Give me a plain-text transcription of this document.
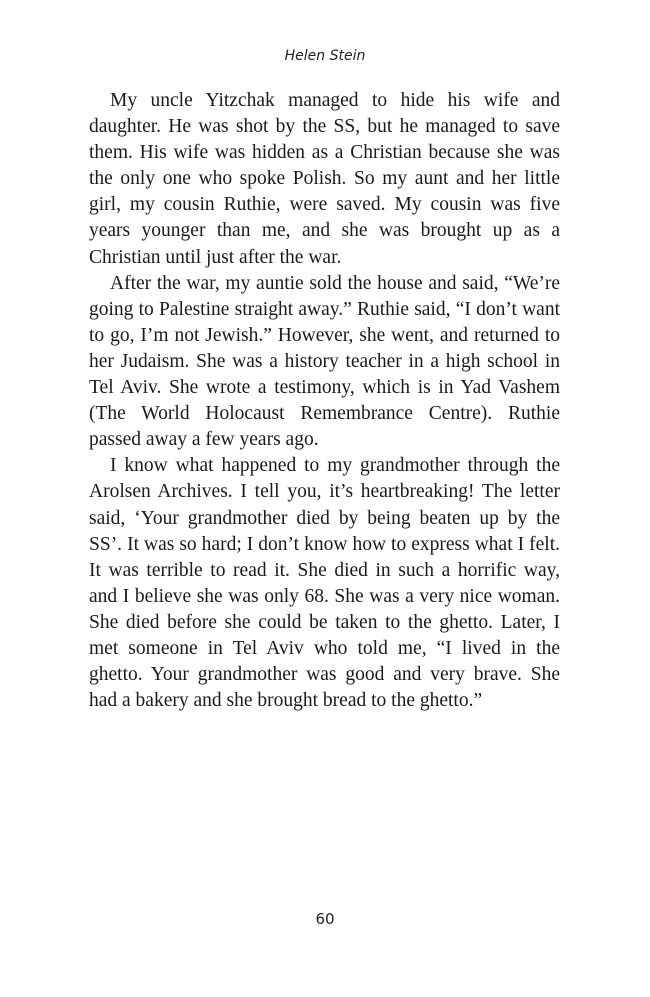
Helen Stein

My uncle Yitzchak managed to hide his wife and daughter. He was shot by the SS, but he managed to save them. His wife was hidden as a Christian because she was the only one who spoke Polish. So my aunt and her little girl, my cousin Ruthie, were saved. My cousin was five years younger than me, and she was brought up as a Christian until just after the war.

After the war, my auntie sold the house and said, “We’re going to Palestine straight away.” Ruthie said, “I don’t want to go, I’m not Jewish.” However, she went, and returned to her Judaism. She was a history teacher in a high school in Tel Aviv. She wrote a testimony, which is in Yad Vashem (The World Holocaust Remembrance Centre). Ruthie passed away a few years ago.

I know what happened to my grandmother through the Arolsen Archives. I tell you, it’s heartbreaking! The letter said, ‘Your grandmother died by being beaten up by the SS’. It was so hard; I don’t know how to express what I felt. It was terrible to read it. She died in such a horrific way, and I believe she was only 68. She was a very nice woman. She died before she could be taken to the ghetto. Later, I met someone in Tel Aviv who told me, “I lived in the ghetto. Your grandmother was good and very brave. She had a bakery and she brought bread to the ghetto.”

60
